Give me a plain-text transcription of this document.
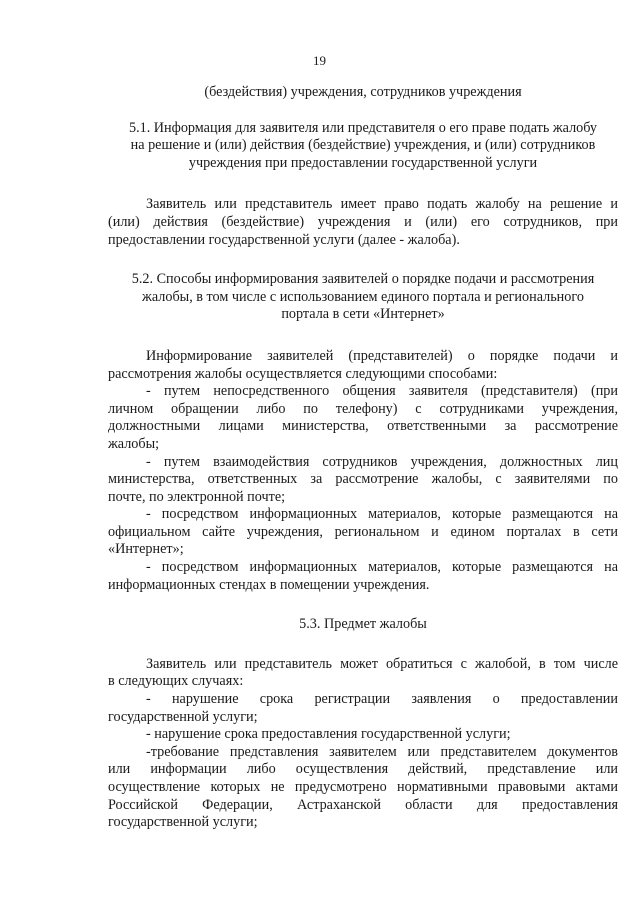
19
(бездействия) учреждения, сотрудников учреждения
5.1. Информация для заявителя или представителя о его праве подать жалобу
на решение и (или) действия (бездействие) учреждения, и (или) сотрудников
учреждения при предоставлении государственной услуги
Заявитель или представитель имеет право подать жалобу на решение и
(или) действия (бездействие) учреждения и (или) его сотрудников, при
предоставлении государственной услуги (далее - жалоба).
5.2. Способы информирования заявителей о порядке подачи и рассмотрения
жалобы, в том числе с использованием единого портала и регионального
портала в сети «Интернет»
Информирование заявителей (представителей) о порядке подачи и
рассмотрения жалобы осуществляется следующими способами:
- путем непосредственного общения заявителя (представителя) (при
личном обращении либо по телефону) с сотрудниками учреждения,
должностными лицами министерства, ответственными за рассмотрение
жалобы;
- путем взаимодействия сотрудников учреждения, должностных лиц
министерства, ответственных за рассмотрение жалобы, с заявителями по
почте, по электронной почте;
- посредством информационных материалов, которые размещаются на
официальном сайте учреждения, региональном и едином порталах в сети
«Интернет»;
- посредством информационных материалов, которые размещаются на
информационных стендах в помещении учреждения.
5.3. Предмет жалобы
Заявитель или представитель может обратиться с жалобой, в том числе
в следующих случаях:
- нарушение срока регистрации заявления о предоставлении
государственной услуги;
- нарушение срока предоставления государственной услуги;
-требование представления заявителем или представителем документов
или информации либо осуществления действий, представление или
осуществление которых не предусмотрено нормативными правовыми актами
Российской Федерации, Астраханской области для предоставления
государственной услуги;
